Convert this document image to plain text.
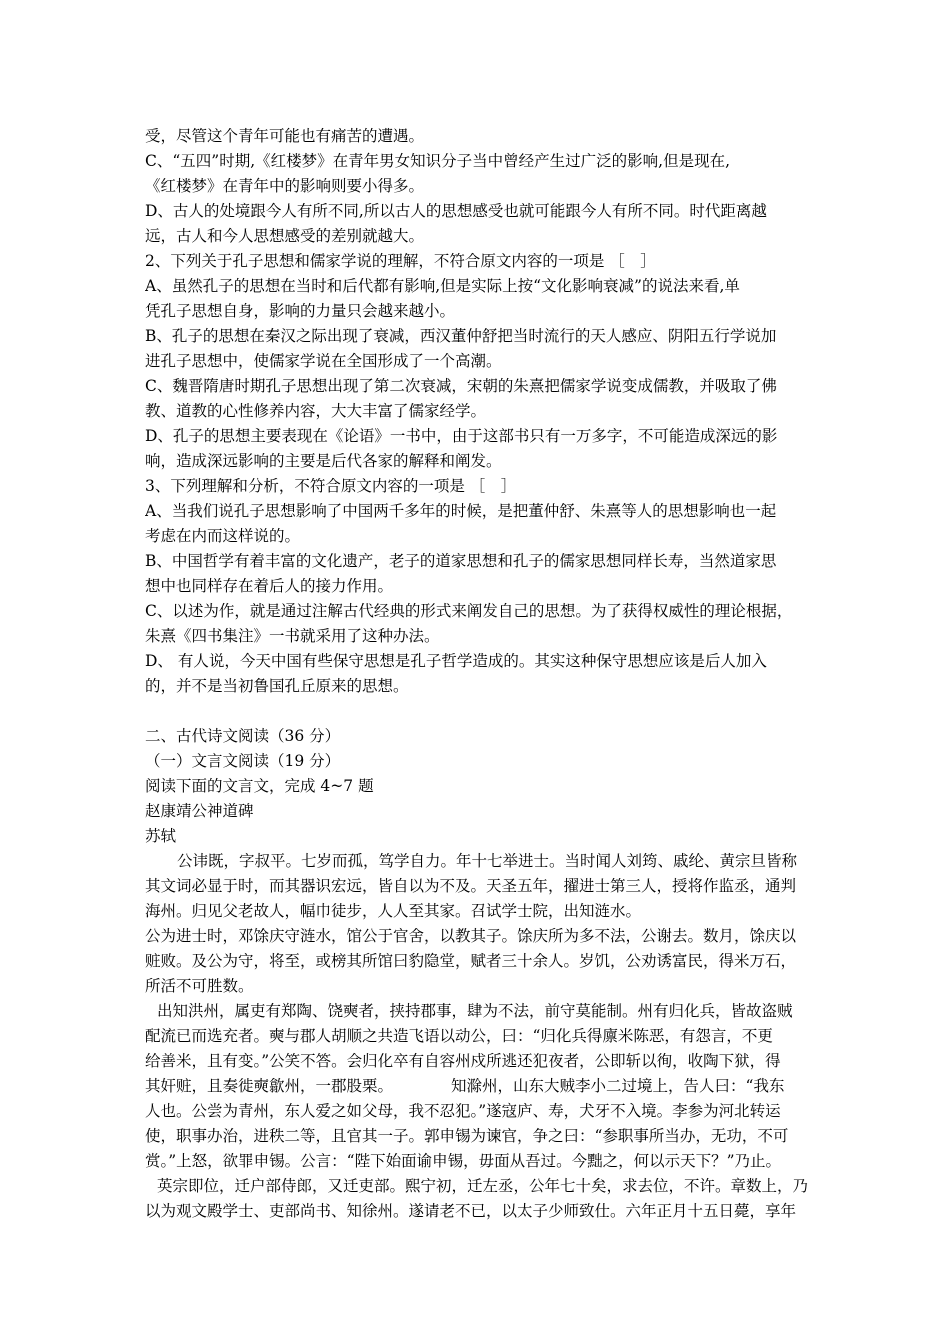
受，尽管这个青年可能也有痛苦的遭遇。
C、“五四”时期,《红楼梦》在青年男女知识分子当中曾经产生过广泛的影响,但是现在,
《红楼梦》在青年中的影响则要小得多。
D、古人的处境跟今人有所不同,所以古人的思想感受也就可能跟今人有所不同。时代距离越
远，古人和今人思想感受的差别就越大。
2、下列关于孔子思想和儒家学说的理解，不符合原文内容的一项是 ［　］
A、虽然孔子的思想在当时和后代都有影响,但是实际上按“文化影响衰减”的说法来看,单
凭孔子思想自身，影响的力量只会越来越小。
B、孔子的思想在秦汉之际出现了衰减，西汉董仲舒把当时流行的天人感应、阴阳五行学说加
进孔子思想中，使儒家学说在全国形成了一个高潮。
C、魏晋隋唐时期孔子思想出现了第二次衰减，宋朝的朱熹把儒家学说变成儒教，并吸取了佛
教、道教的心性修养内容，大大丰富了儒家经学。
D、孔子的思想主要表现在《论语》一书中，由于这部书只有一万多字，不可能造成深远的影
响，造成深远影响的主要是后代各家的解释和阐发。
3、下列理解和分析，不符合原文内容的一项是 ［　］
A、当我们说孔子思想影响了中国两千多年的时候，是把董仲舒、朱熹等人的思想影响也一起
考虑在内而这样说的。
B、中国哲学有着丰富的文化遗产，老子的道家思想和孔子的儒家思想同样长寿，当然道家思
想中也同样存在着后人的接力作用。
C、以述为作，就是通过注解古代经典的形式来阐发自己的思想。为了获得权威性的理论根据，
朱熹《四书集注》一书就采用了这种办法。
D、 有人说，今天中国有些保守思想是孔子哲学造成的。其实这种保守思想应该是后人加入
的，并不是当初鲁国孔丘原来的思想。
二、古代诗文阅读（36 分）
（一）文言文阅读（19 分）
阅读下面的文言文，完成 4~7 题
赵康靖公神道碑
苏轼
公讳既，字叔平。七岁而孤，笃学自力。年十七举进士。当时闻人刘筠、戚纶、黄宗旦皆称
其文词必显于时，而其器识宏远，皆自以为不及。天圣五年，擢进士第三人，授将作监丞，通判
海州。归见父老故人，幅巾徒步，人人至其家。召试学士院，出知涟水。
公为进士时，邓馀庆守涟水，馆公于官舍，以教其子。馀庆所为多不法，公谢去。数月，馀庆以
赃败。及公为守，将至，或榜其所馆曰豹隐堂，赋者三十余人。岁饥，公劝诱富民，得米万石，
所活不可胜数。
出知洪州，属吏有郑陶、饶奭者，挟持郡事，肆为不法，前守莫能制。州有归化兵，皆故盗贼
配流已而选充者。奭与郡人胡顺之共造飞语以动公，曰：“归化兵得廪米陈恶，有怨言，不更
给善米，且有变。”公笑不答。会归化卒有自容州戍所逃还犯夜者，公即斩以徇，收陶下狱，得
其奸赃，且奏徙奭歙州，一郡股栗。	知滁州，山东大贼李小二过境上，告人曰：“我东
人也。公尝为青州，东人爱之如父母，我不忍犯。”遂寇庐、寿，犬牙不入境。李参为河北转运
使，职事办治，进秩二等，且官其一子。郭申锡为谏官，争之曰：“参职事所当办，无功，不可
赏。”上怒，欲罪申锡。公言：“陛下始面谕申锡，毋面从吾过。今黜之，何以示天下？”乃止。
英宗即位，迁户部侍郎，又迁吏部。熙宁初，迁左丞，公年七十矣，求去位，不许。章数上，乃
以为观文殿学士、吏部尚书、知徐州。遂请老不已，以太子少师致仕。六年正月十五日薨，享年
